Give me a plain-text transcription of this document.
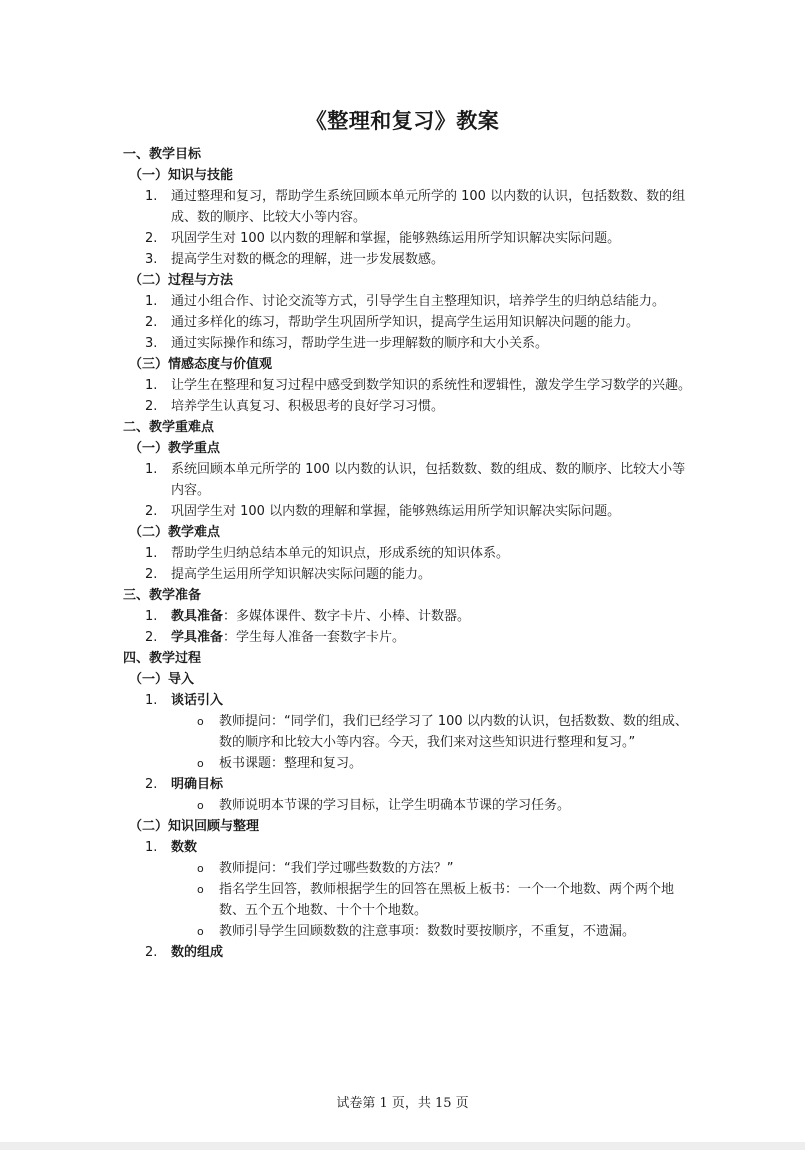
《整理和复习》教案
一、教学目标
（一）知识与技能
1. 通过整理和复习，帮助学生系统回顾本单元所学的 100 以内数的认识，包括数数、数的组成、数的顺序、比较大小等内容。
2. 巩固学生对 100 以内数的理解和掌握，能够熟练运用所学知识解决实际问题。
3. 提高学生对数的概念的理解，进一步发展数感。
（二）过程与方法
1. 通过小组合作、讨论交流等方式，引导学生自主整理知识，培养学生的归纳总结能力。
2. 通过多样化的练习，帮助学生巩固所学知识，提高学生运用知识解决问题的能力。
3. 通过实际操作和练习，帮助学生进一步理解数的顺序和大小关系。
（三）情感态度与价值观
1. 让学生在整理和复习过程中感受到数学知识的系统性和逻辑性，激发学生学习数学的兴趣。
2. 培养学生认真复习、积极思考的良好学习习惯。
二、教学重难点
（一）教学重点
1. 系统回顾本单元所学的 100 以内数的认识，包括数数、数的组成、数的顺序、比较大小等内容。
2. 巩固学生对 100 以内数的理解和掌握，能够熟练运用所学知识解决实际问题。
（二）教学难点
1. 帮助学生归纳总结本单元的知识点，形成系统的知识体系。
2. 提高学生运用所学知识解决实际问题的能力。
三、教学准备
1. 教具准备：多媒体课件、数字卡片、小棒、计数器。
2. 学具准备：学生每人准备一套数字卡片。
四、教学过程
（一）导入
1. 谈话引入
o 教师提问：“同学们，我们已经学习了 100 以内数的认识，包括数数、数的组成、数的顺序和比较大小等内容。今天，我们来对这些知识进行整理和复习。”
o 板书课题：整理和复习。
2. 明确目标
o 教师说明本节课的学习目标，让学生明确本节课的学习任务。
（二）知识回顾与整理
1. 数数
o 教师提问：“我们学过哪些数数的方法？”
o 指名学生回答，教师根据学生的回答在黑板上板书：一个一个地数、两个两个地数、五个五个地数、十个十个地数。
o 教师引导学生回顾数数的注意事项：数数时要按顺序，不重复，不遗漏。
2. 数的组成
试卷第 1 页，共 15 页
